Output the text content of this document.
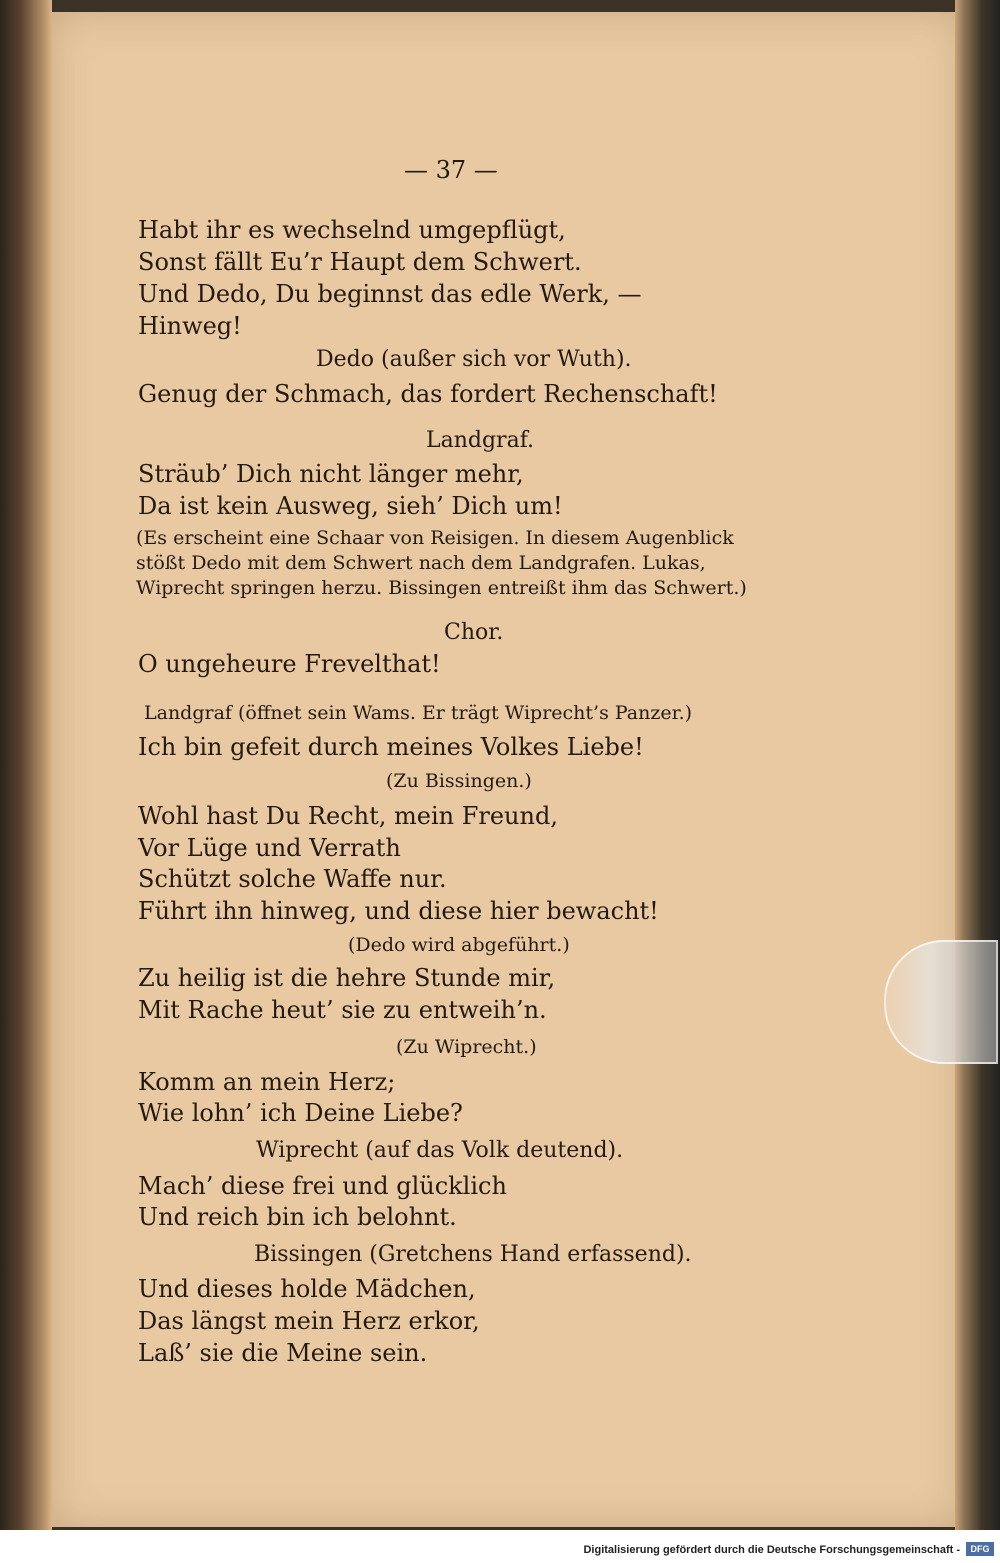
— 37 —
Habt ihr es wechselnd umgepflügt,
Sonst fällt Eu’r Haupt dem Schwert.
Und Dedo, Du beginnst das edle Werk, —
Hinweg!
Dedo (außer sich vor Wuth).
Genug der Schmach, das fordert Rechenschaft!
Landgraf.
Sträub’ Dich nicht länger mehr,
Da ist kein Ausweg, sieh’ Dich um!
(Es erscheint eine Schaar von Reisigen. In diesem Augenblick
stößt Dedo mit dem Schwert nach dem Landgrafen. Lukas,
Wiprecht springen herzu. Bissingen entreißt ihm das Schwert.)
Chor.
O ungeheure Frevelthat!
Landgraf (öffnet sein Wams. Er trägt Wiprecht’s Panzer.)
Ich bin gefeit durch meines Volkes Liebe!
(Zu Bissingen.)
Wohl hast Du Recht, mein Freund,
Vor Lüge und Verrath
Schützt solche Waffe nur.
Führt ihn hinweg, und diese hier bewacht!
(Dedo wird abgeführt.)
Zu heilig ist die hehre Stunde mir,
Mit Rache heut’ sie zu entweih’n.
(Zu Wiprecht.)
Komm an mein Herz;
Wie lohn’ ich Deine Liebe?
Wiprecht (auf das Volk deutend).
Mach’ diese frei und glücklich
Und reich bin ich belohnt.
Bissingen (Gretchens Hand erfassend).
Und dieses holde Mädchen,
Das längst mein Herz erkor,
Laß’ sie die Meine sein.
Digitalisierung gefördert durch die Deutsche Forschungsgemeinschaft -	DFG
